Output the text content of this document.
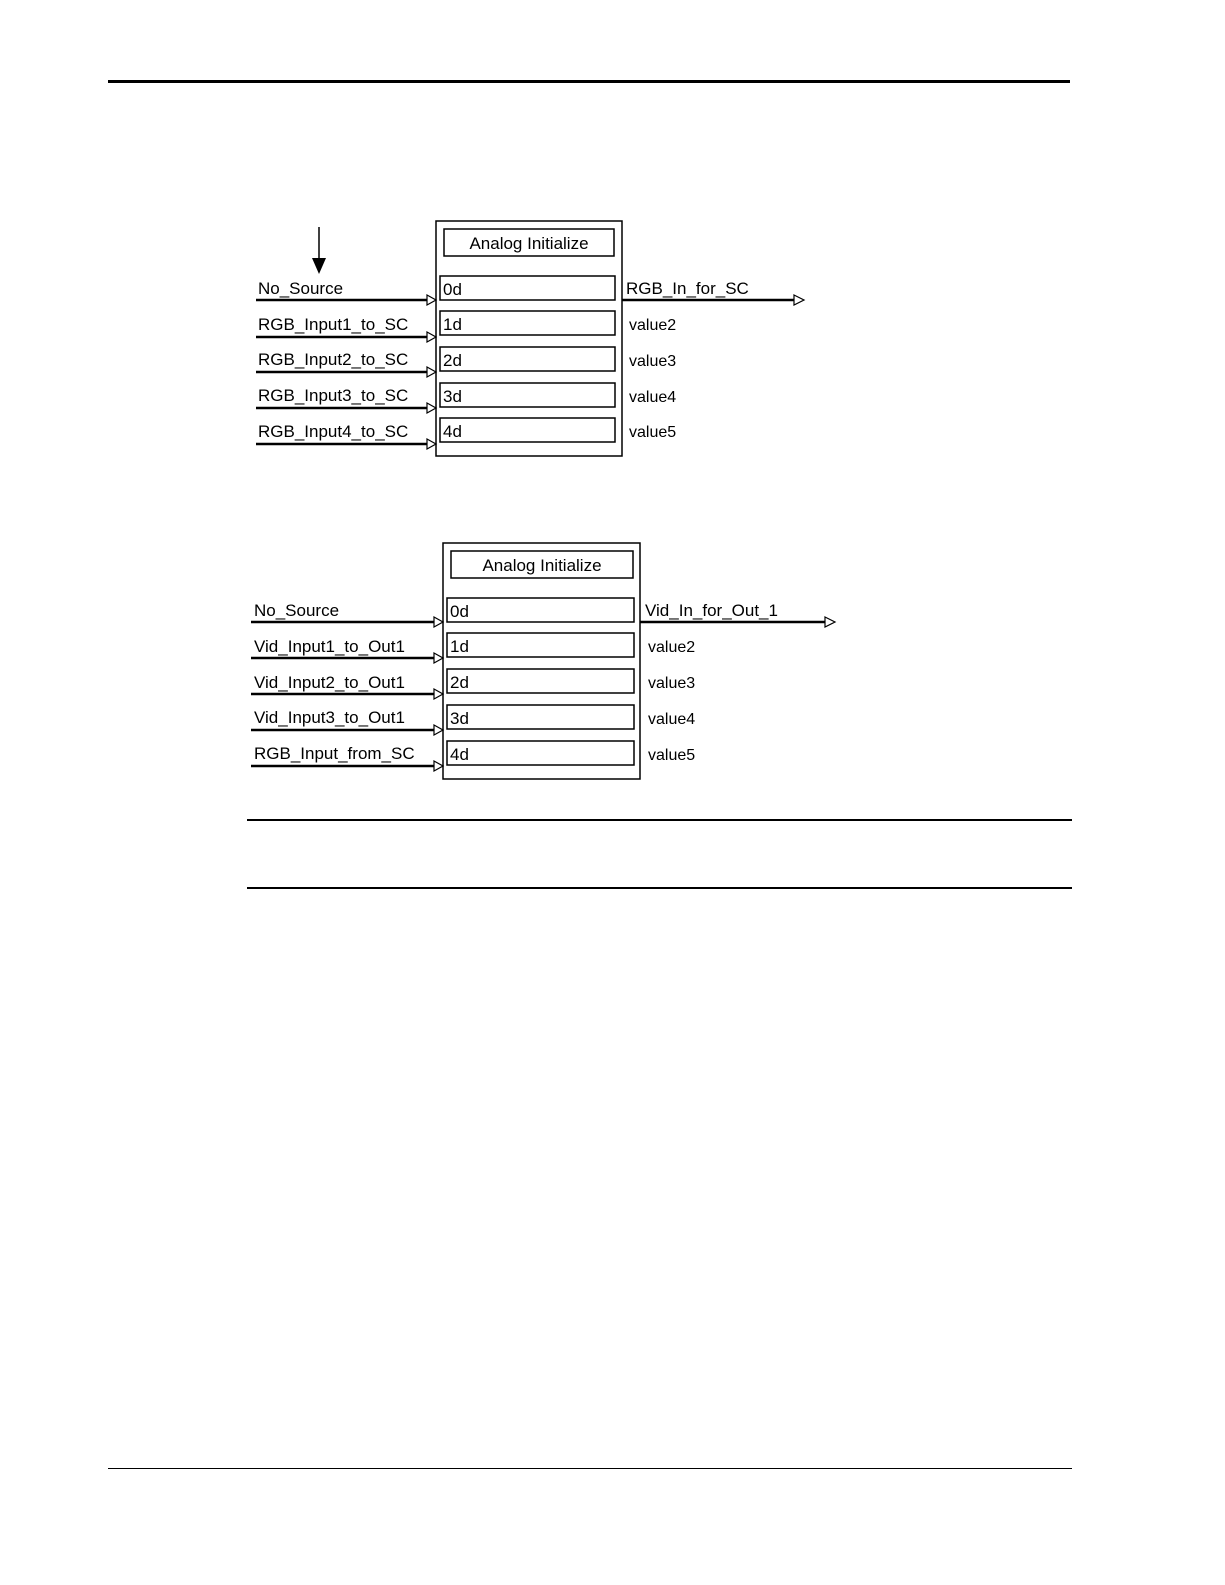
Analog Initialize
0d
1d
2d
3d
4d
No_Source
RGB_Input1_to_SC
RGB_Input2_to_SC
RGB_Input3_to_SC
RGB_Input4_to_SC
RGB_In_for_SC
value2
value3
value4
value5
Analog Initialize
0d
1d
2d
3d
4d
No_Source
Vid_Input1_to_Out1
Vid_Input2_to_Out1
Vid_Input3_to_Out1
RGB_Input_from_SC
Vid_In_for_Out_1
value2
value3
value4
value5
